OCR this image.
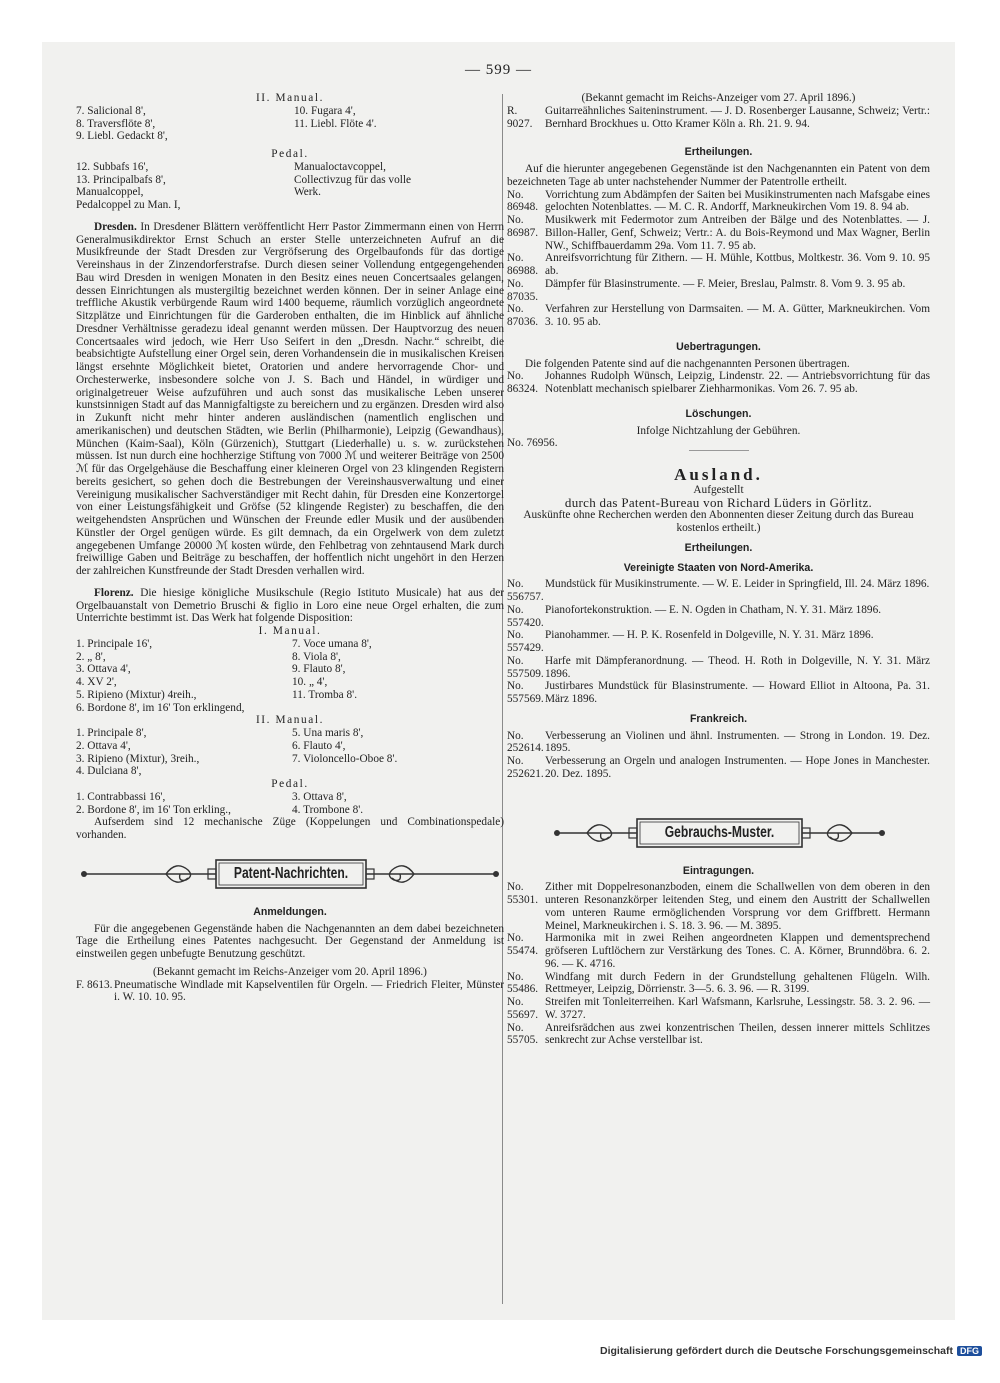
— 599 —
II. Manual.
7. Salicional 8',
8. Traversflöte 8',
9. Liebl. Gedackt 8',
10. Fugara 4',
11. Liebl. Flöte 4'.
Pedal.
12. Subbafs 16',
13. Principalbafs 8',
Manualcoppel,
Pedalcoppel zu Man. I,
Manualoctavcoppel,
Collectivzug für das volle
Werk.

Dresden. In Dresdener Blättern veröffentlicht Herr Pastor Zimmermann einen von Herrn Generalmusikdirektor Ernst Schuch an erster Stelle unterzeichneten Aufruf an die Musikfreunde der Stadt Dresden zur Vergröfserung des Orgelbaufonds für das dortige Vereinshaus in der Zinzendorferstrafse. Durch diesen seiner Vollendung entgegengehenden Bau wird Dresden in wenigen Monaten in den Besitz eines neuen Concertsaales gelangen, dessen Einrichtungen als mustergiltig bezeichnet werden können. Der in seiner Anlage eine treffliche Akustik verbürgende Raum wird 1400 bequeme, räumlich vorzüglich angeordnete Sitzplätze und Einrichtungen für die Garderoben enthalten, die im Hinblick auf ähnliche Dresdner Verhältnisse geradezu ideal genannt werden müssen. Der Hauptvorzug des neuen Concertsaales wird jedoch, wie Herr Uso Seifert in den „Dresdn. Nachr.“ schreibt, die beabsichtigte Aufstellung einer Orgel sein, deren Vorhandensein die in musikalischen Kreisen längst ersehnte Möglichkeit bietet, Oratorien und andere hervorragende Chor- und Orchesterwerke, insbesondere solche von J. S. Bach und Händel, in würdiger und originalgetreuer Weise aufzuführen und auch sonst das musikalische Leben unserer kunstsinnigen Stadt auf das Mannigfaltigste zu bereichern und zu ergänzen. Dresden wird also in Zukunft nicht mehr hinter anderen ausländischen (namentlich englischen und amerikanischen) und deutschen Städten, wie Berlin (Philharmonie), Leipzig (Gewandhaus), München (Kaim-Saal), Köln (Gürzenich), Stuttgart (Liederhalle) u. s. w. zurückstehen müssen. Ist nun durch eine hochherzige Stiftung von 7000 ℳ und weiterer Beiträge von 2500 ℳ für das Orgelgehäuse die Beschaffung einer kleineren Orgel von 23 klingenden Registern bereits gesichert, so gehen doch die Bestrebungen der Vereinshausverwaltung und einer Vereinigung musikalischer Sachverständiger mit Recht dahin, für Dresden eine Konzertorgel von einer Leistungsfähigkeit und Gröfse (52 klingende Register) zu beschaffen, die den weitgehendsten Ansprüchen und Wünschen der Freunde edler Musik und der ausübenden Künstler der Orgel genügen würde. Es gilt demnach, da ein Orgelwerk von dem zuletzt angegebenen Umfange 20000 ℳ kosten würde, den Fehlbetrag von zehntausend Mark durch freiwillige Gaben und Beiträge zu beschaffen, der hoffentlich nicht ungehört in den Herzen der zahlreichen Kunstfreunde der Stadt Dresden verhallen wird.

Florenz. Die hiesige königliche Musikschule (Regio Istituto Musicale) hat aus der Orgelbauanstalt von Demetrio Bruschi & figlio in Loro eine neue Orgel erhalten, die zum Unterrichte bestimmt ist. Das Werk hat folgende Disposition:

I. Manual.
1. Principale 16',
2. „ 8',
3. Ottava 4',
4. XV 2',
5. Ripieno (Mixtur) 4reih.,
6. Bordone 8', im 16' Ton erklingend,
7. Voce umana 8',
8. Viola 8',
9. Flauto 8',
10. „ 4',
11. Tromba 8'.
II. Manual.
1. Principale 8',
2. Ottava 4',
3. Ripieno (Mixtur), 3reih.,
4. Dulciana 8',
5. Una maris 8',
6. Flauto 4',
7. Violoncello-Oboe 8'.
Pedal.
1. Contrabbassi 16',
2. Bordone 8', im 16' Ton erkling.,
3. Ottava 8',
4. Trombone 8'.

Aufserdem sind 12 mechanische Züge (Koppelungen und Combinationspedale) vorhanden.

Patent-Nachrichten.
Anmeldungen.

Für die angegebenen Gegenstände haben die Nachgenannten an dem dabei bezeichneten Tage die Ertheilung eines Patentes nachgesucht. Der Gegenstand der Anmeldung ist einstweilen gegen unbefugte Benutzung geschützt.

(Bekannt gemacht im Reichs-Anzeiger vom 20. April 1896.)

F. 8613. Pneumatische Windlade mit Kapselventilen für Orgeln. — Friedrich Fleiter, Münster i. W. 10. 10. 95.

(Bekannt gemacht im Reichs-Anzeiger vom 27. April 1896.)

R. 9027.
Guitarreähnliches Saiteninstrument. — J. D. Rosenberger Lausanne, Schweiz; Vertr.: Bernhard Brockhues u. Otto Kramer Köln a. Rh. 21. 9. 94.
Ertheilungen.

Auf die hierunter angegebenen Gegenstände ist den Nachgenannten ein Patent von dem bezeichneten Tage ab unter nachstehender Nummer der Patentrolle ertheilt.

No. 86948.
Vorrichtung zum Abdämpfen der Saiten bei Musikinstrumenten nach Mafsgabe eines gelochten Notenblattes. — M. C. R. Andorff, Markneukirchen Vom 19. 8. 94 ab.
No. 86987.
Musikwerk mit Federmotor zum Antreiben der Bälge und des Notenblattes. — J. Billon-Haller, Genf, Schweiz; Vertr.: A. du Bois-Reymond und Max Wagner, Berlin NW., Schiffbauerdamm 29a. Vom 11. 7. 95 ab.
No. 86988.
Anreifsvorrichtung für Zithern. — H. Mühle, Kottbus, Moltkestr. 36. Vom 9. 10. 95 ab.
No. 87035.
Dämpfer für Blasinstrumente. — F. Meier, Breslau, Palmstr. 8. Vom 9. 3. 95 ab.
No. 87036.
Verfahren zur Herstellung von Darmsaiten. — M. A. Gütter, Markneukirchen. Vom 3. 10. 95 ab.
Uebertragungen.

Die folgenden Patente sind auf die nachgenannten Personen übertragen.

No. 86324.
Johannes Rudolph Wünsch, Leipzig, Lindenstr. 22. — Antriebsvorrichtung für das Notenblatt mechanisch spielbarer Ziehharmonikas. Vom 26. 7. 95 ab.
Löschungen.

Infolge Nichtzahlung der Gebühren.

No. 76956.
Ausland.

Aufgestellt

durch das Patent-Bureau von Richard Lüders in Görlitz.

Auskünfte ohne Recherchen werden den Abonnenten dieser Zeitung durch das Bureau kostenlos ertheilt.)

Ertheilungen.
Vereinigte Staaten von Nord-Amerika.
No. 556757.
Mundstück für Musikinstrumente. — W. E. Leider in Springfield, Ill. 24. März 1896.
No. 557420.
Pianofortekonstruktion. — E. N. Ogden in Chatham, N. Y. 31. März 1896.
No. 557429.
Pianohammer. — H. P. K. Rosenfeld in Dolgeville, N. Y. 31. März 1896.
No. 557509.
Harfe mit Dämpferanordnung. — Theod. H. Roth in Dolgeville, N. Y. 31. März 1896.
No. 557569.
Justirbares Mundstück für Blasinstrumente. — Howard Elliot in Altoona, Pa. 31. März 1896.
Frankreich.
No. 252614.
Verbesserung an Violinen und ähnl. Instrumenten. — Strong in London. 19. Dez. 1895.
No. 252621.
Verbesserung an Orgeln und analogen Instrumenten. — Hope Jones in Manchester. 20. Dez. 1895.
Gebrauchs-Muster.
Eintragungen.
No. 55301.
Zither mit Doppelresonanzboden, einem die Schallwellen von dem oberen in den unteren Resonanzkörper leitenden Steg, und einem den Austritt der Schallwellen vom unteren Raume ermöglichenden Vorsprung vor dem Griffbrett. Hermann Meinel, Markneukirchen i. S. 18. 3. 96. — M. 3895.
No. 55474.
Harmonika mit in zwei Reihen angeordneten Klappen und dementsprechend gröfseren Luftlöchern zur Verstärkung des Tones. C. A. Körner, Brunndöbra. 6. 2. 96. — K. 4716.
No. 55486.
Windfang mit durch Federn in der Grundstellung gehaltenen Flügeln. Wilh. Rettmeyer, Leipzig, Dörrienstr. 3—5. 6. 3. 96. — R. 3199.
No. 55697.
Streifen mit Tonleiterreihen. Karl Wafsmann, Karlsruhe, Lessingstr. 58. 3. 2. 96. — W. 3727.
No. 55705.
Anreifsrädchen aus zwei konzentrischen Theilen, dessen innerer mittels Schlitzes senkrecht zur Achse verstellbar ist.
Digitalisierung gefördert durch die Deutsche Forschungsgemeinschaft DFG
